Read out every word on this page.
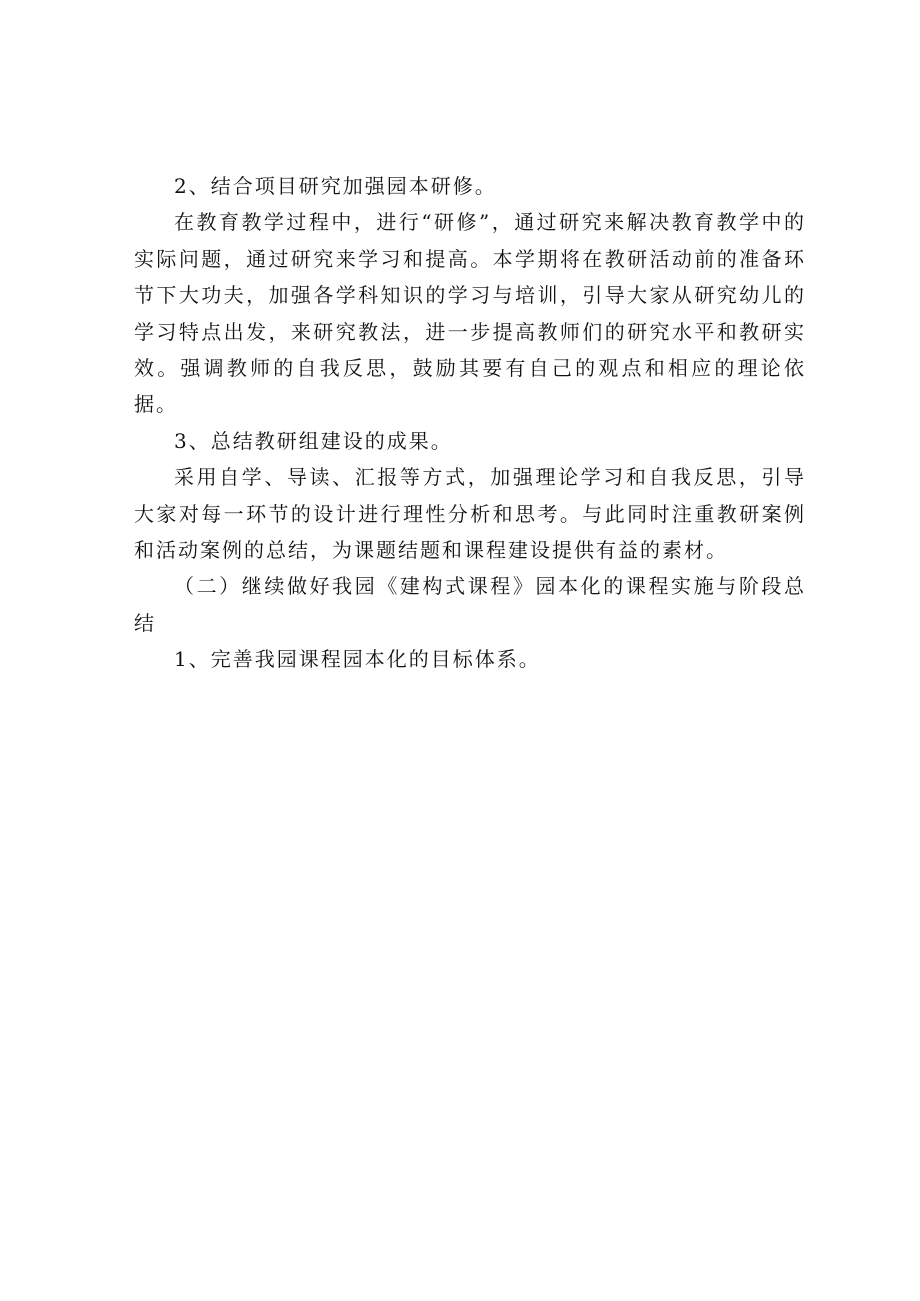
2、结合项目研究加强园本研修。

在教育教学过程中，进行“研修”，通过研究来解决教育教学中的实际问题，通过研究来学习和提高。本学期将在教研活动前的准备环节下大功夫，加强各学科知识的学习与培训，引导大家从研究幼儿的学习特点出发，来研究教法，进一步提高教师们的研究水平和教研实效。强调教师的自我反思，鼓励其要有自己的观点和相应的理论依据。

3、总结教研组建设的成果。

采用自学、导读、汇报等方式，加强理论学习和自我反思，引导大家对每一环节的设计进行理性分析和思考。与此同时注重教研案例和活动案例的总结，为课题结题和课程建设提供有益的素材。

（二）继续做好我园《建构式课程》园本化的课程实施与阶段总结

1、完善我园课程园本化的目标体系。
